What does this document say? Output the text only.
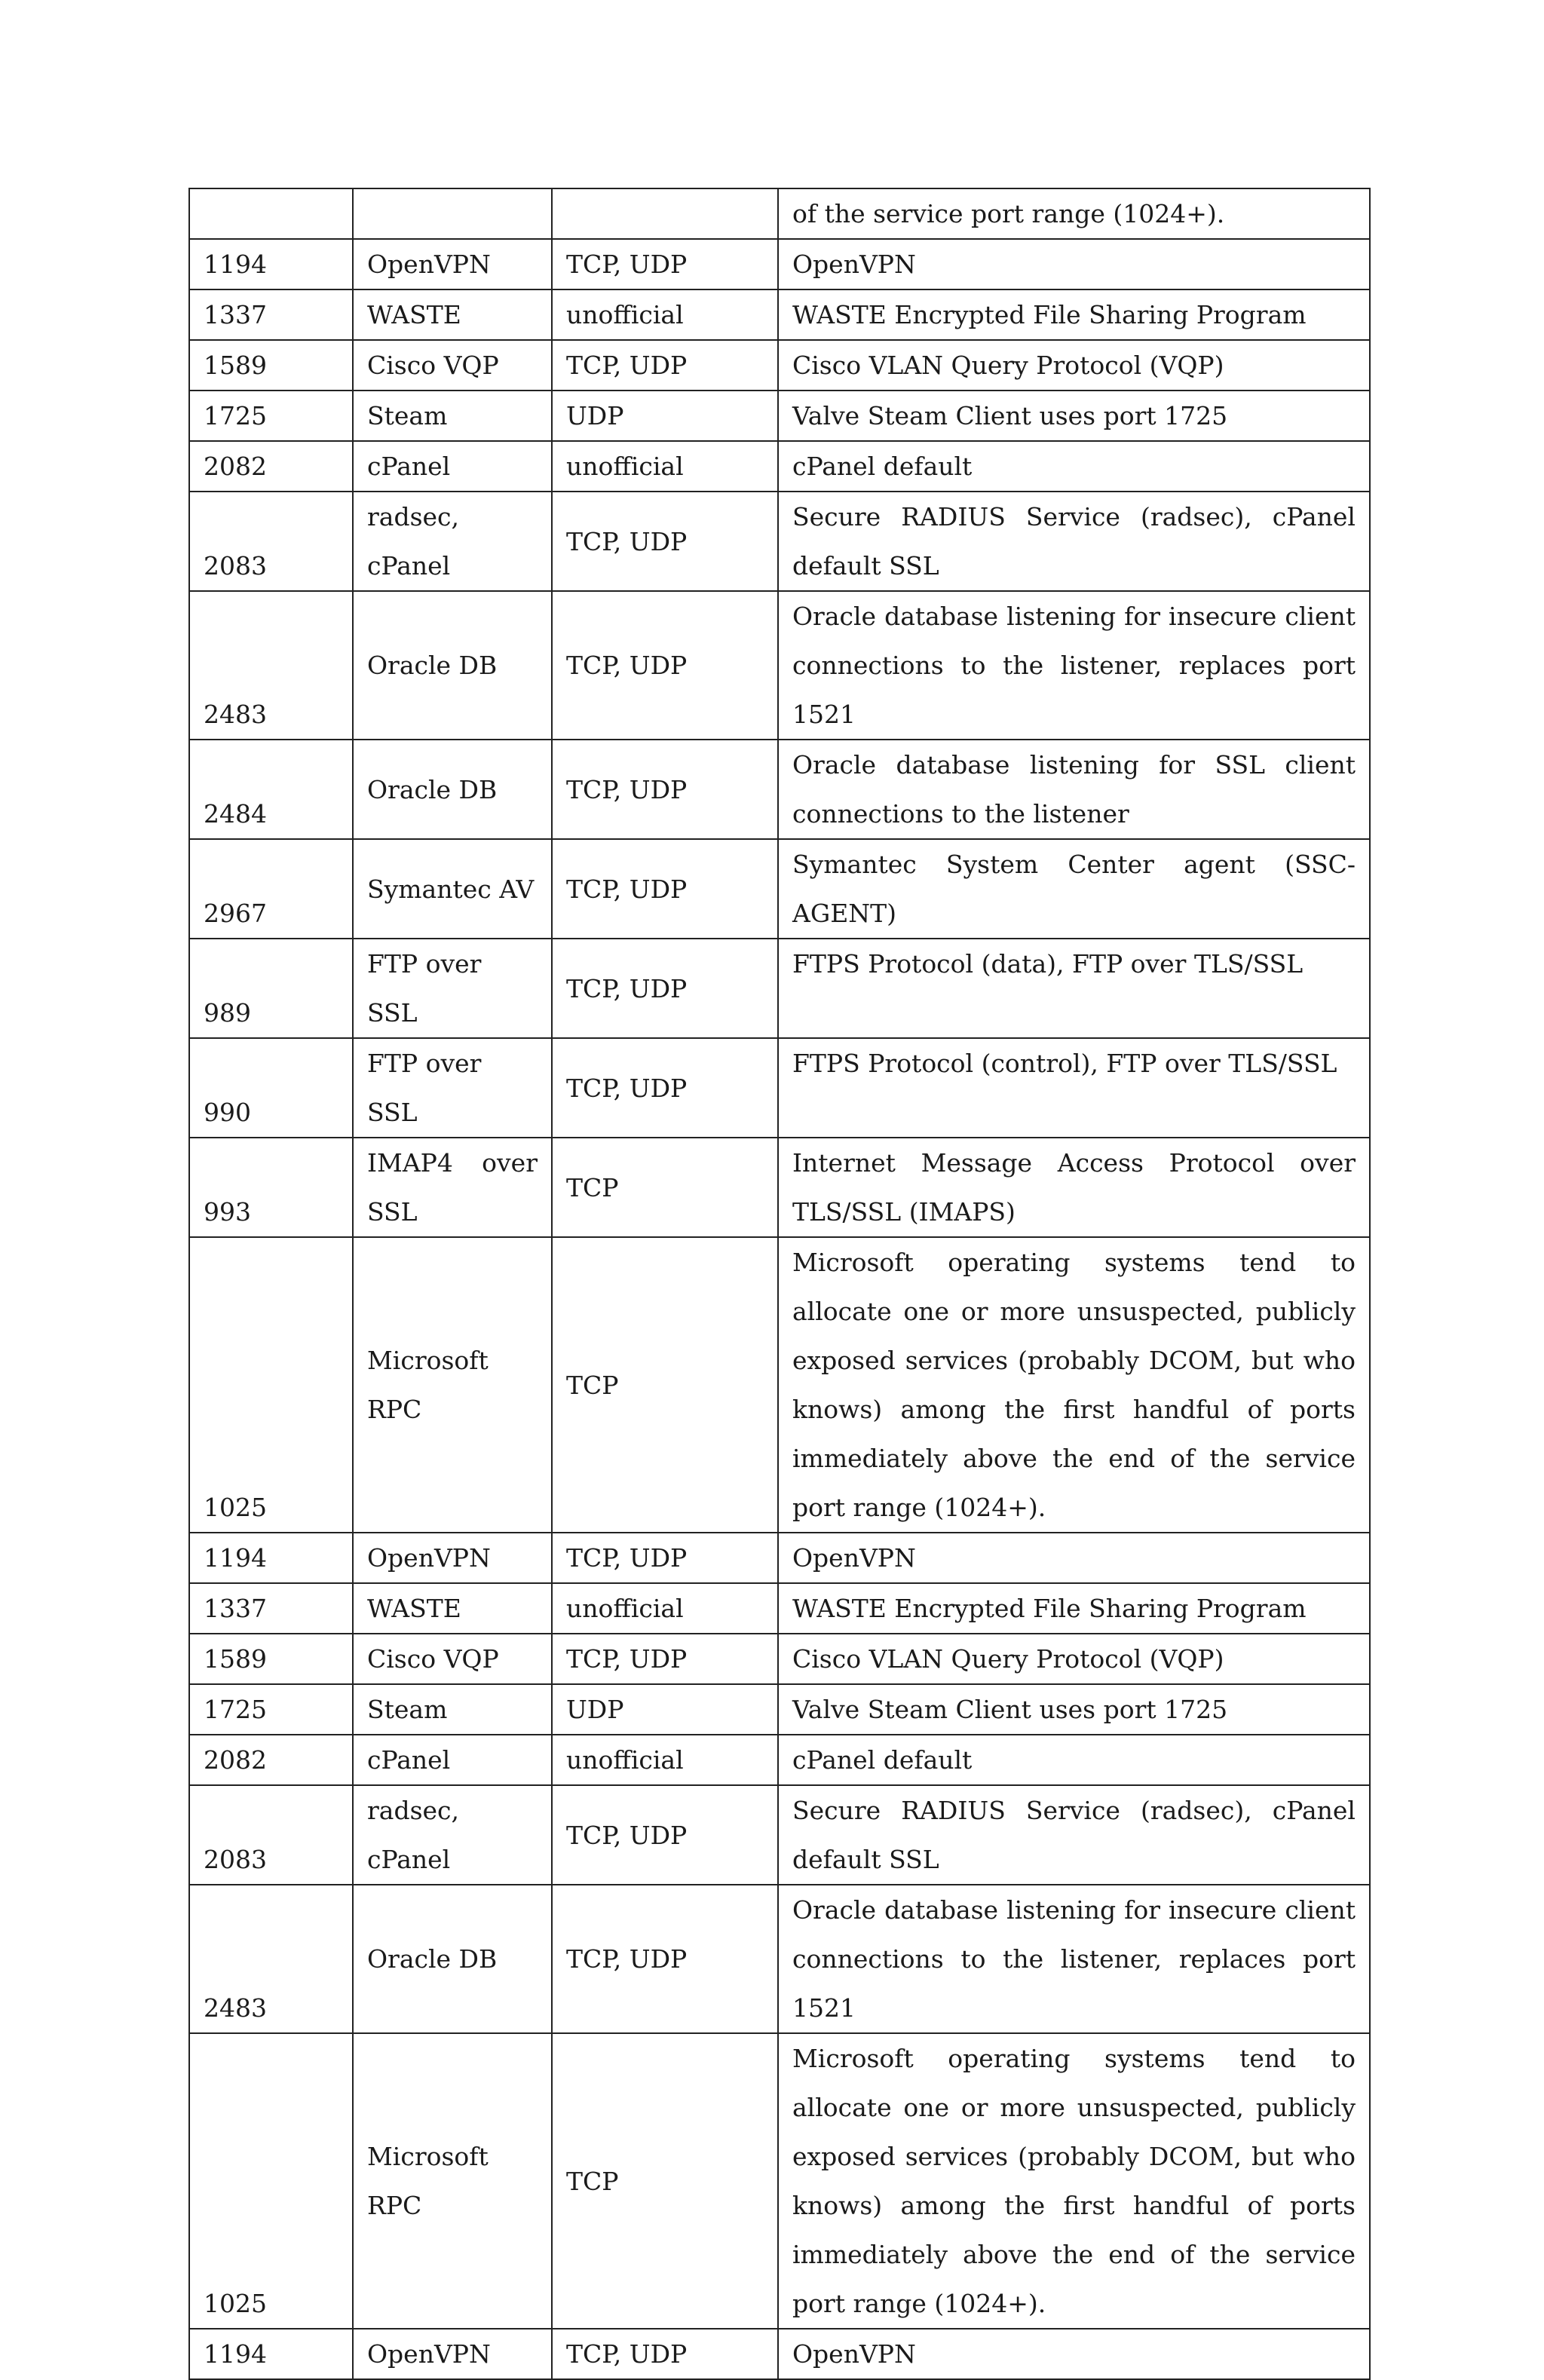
			of the service port range (1024+).

1194	OpenVPN	TCP, UDP	OpenVPN

1337	WASTE	unofficial	WASTE Encrypted File Sharing Program

1589	Cisco VQP	TCP, UDP	Cisco VLAN Query Protocol (VQP)

1725	Steam	UDP	Valve Steam Client uses port 1725

2082	cPanel	unofficial	cPanel default

2083	radsec, cPanel	TCP, UDP	Secure RADIUS Service (radsec), cPanel default SSL

2483	Oracle DB	TCP, UDP	Oracle database listening for insecure client connections to the listener, replaces port 1521

2484	Oracle DB	TCP, UDP	Oracle database listening for SSL client connections to the listener

2967	Symantec AV	TCP, UDP	Symantec System Center agent (SSC-AGENT)

989	FTP over SSL	TCP, UDP	FTPS Protocol (data), FTP over TLS/SSL

990	FTP over SSL	TCP, UDP	FTPS Protocol (control), FTP over TLS/SSL

993	IMAP4 over SSL	TCP	Internet Message Access Protocol over TLS/SSL (IMAPS)

1025	Microsoft RPC	TCP	Microsoft operating systems tend to allocate one or more unsuspected, publicly exposed services (probably DCOM, but who knows) among the first handful of ports immediately above the end of the service port range (1024+).

1194	OpenVPN	TCP, UDP	OpenVPN

1337	WASTE	unofficial	WASTE Encrypted File Sharing Program

1589	Cisco VQP	TCP, UDP	Cisco VLAN Query Protocol (VQP)

1725	Steam	UDP	Valve Steam Client uses port 1725

2082	cPanel	unofficial	cPanel default

2083	radsec, cPanel	TCP, UDP	Secure RADIUS Service (radsec), cPanel default SSL

2483	Oracle DB	TCP, UDP	Oracle database listening for insecure client connections to the listener, replaces port 1521

1025	Microsoft RPC	TCP	Microsoft operating systems tend to allocate one or more unsuspected, publicly exposed services (probably DCOM, but who knows) among the first handful of ports immediately above the end of the service port range (1024+).

1194	OpenVPN	TCP, UDP	OpenVPN
